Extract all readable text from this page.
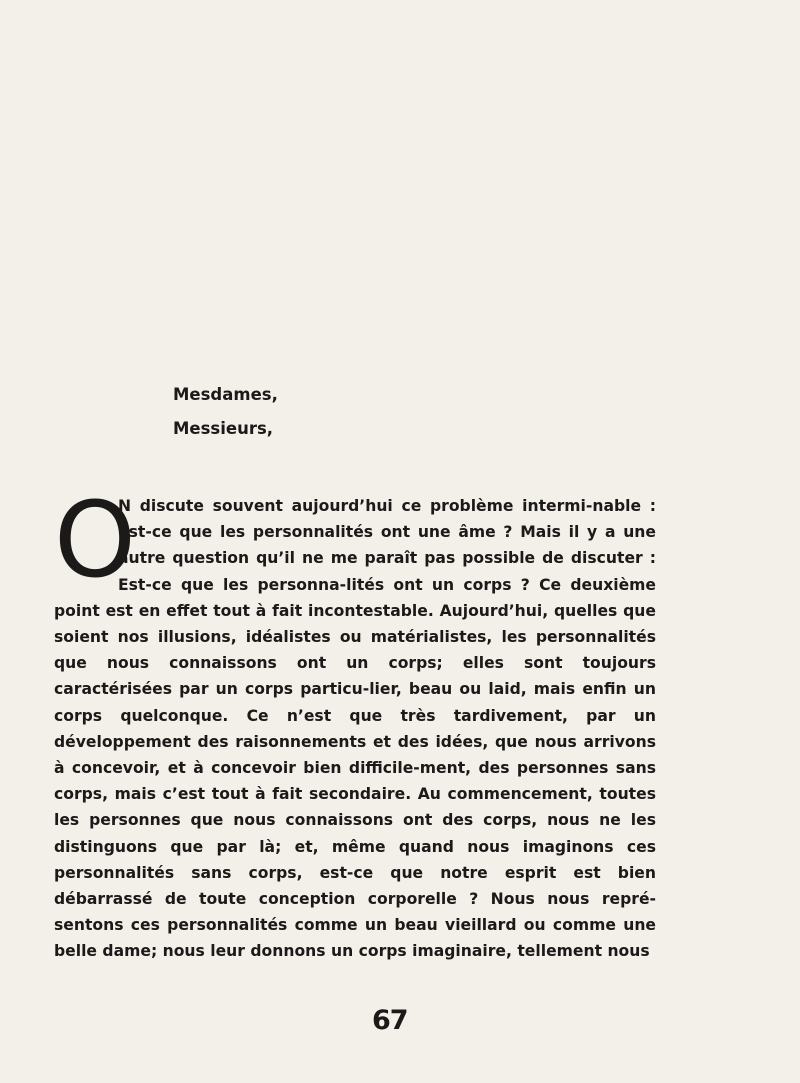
Mesdames,
Messieurs,
O
N discute souvent aujourd’hui ce problème intermi-nable : Est-ce que les personnalités ont une âme ? Mais il y a une autre question qu’il ne me paraît pas possible de discuter : Est-ce que les personna-lités ont un corps ? Ce deuxième point est en effet tout à fait incontestable. Aujourd’hui, quelles que soient nos illusions, idéalistes ou matérialistes, les personnalités que nous connaissons ont un corps; elles sont toujours caractérisées par un corps particu-lier, beau ou laid, mais enfin un corps quelconque. Ce n’est que très tardivement, par un développement des raisonnements et des idées, que nous arrivons à concevoir, et à concevoir bien difficile-ment, des personnes sans corps, mais c’est tout à fait secondaire. Au commencement, toutes les personnes que nous connaissons ont des corps, nous ne les distinguons que par là; et, même quand nous imaginons ces personnalités sans corps, est-ce que notre esprit est bien débarrassé de toute conception corporelle ? Nous nous repré-sentons ces personnalités comme un beau vieillard ou comme une belle dame; nous leur donnons un corps imaginaire, tellement nous
67
